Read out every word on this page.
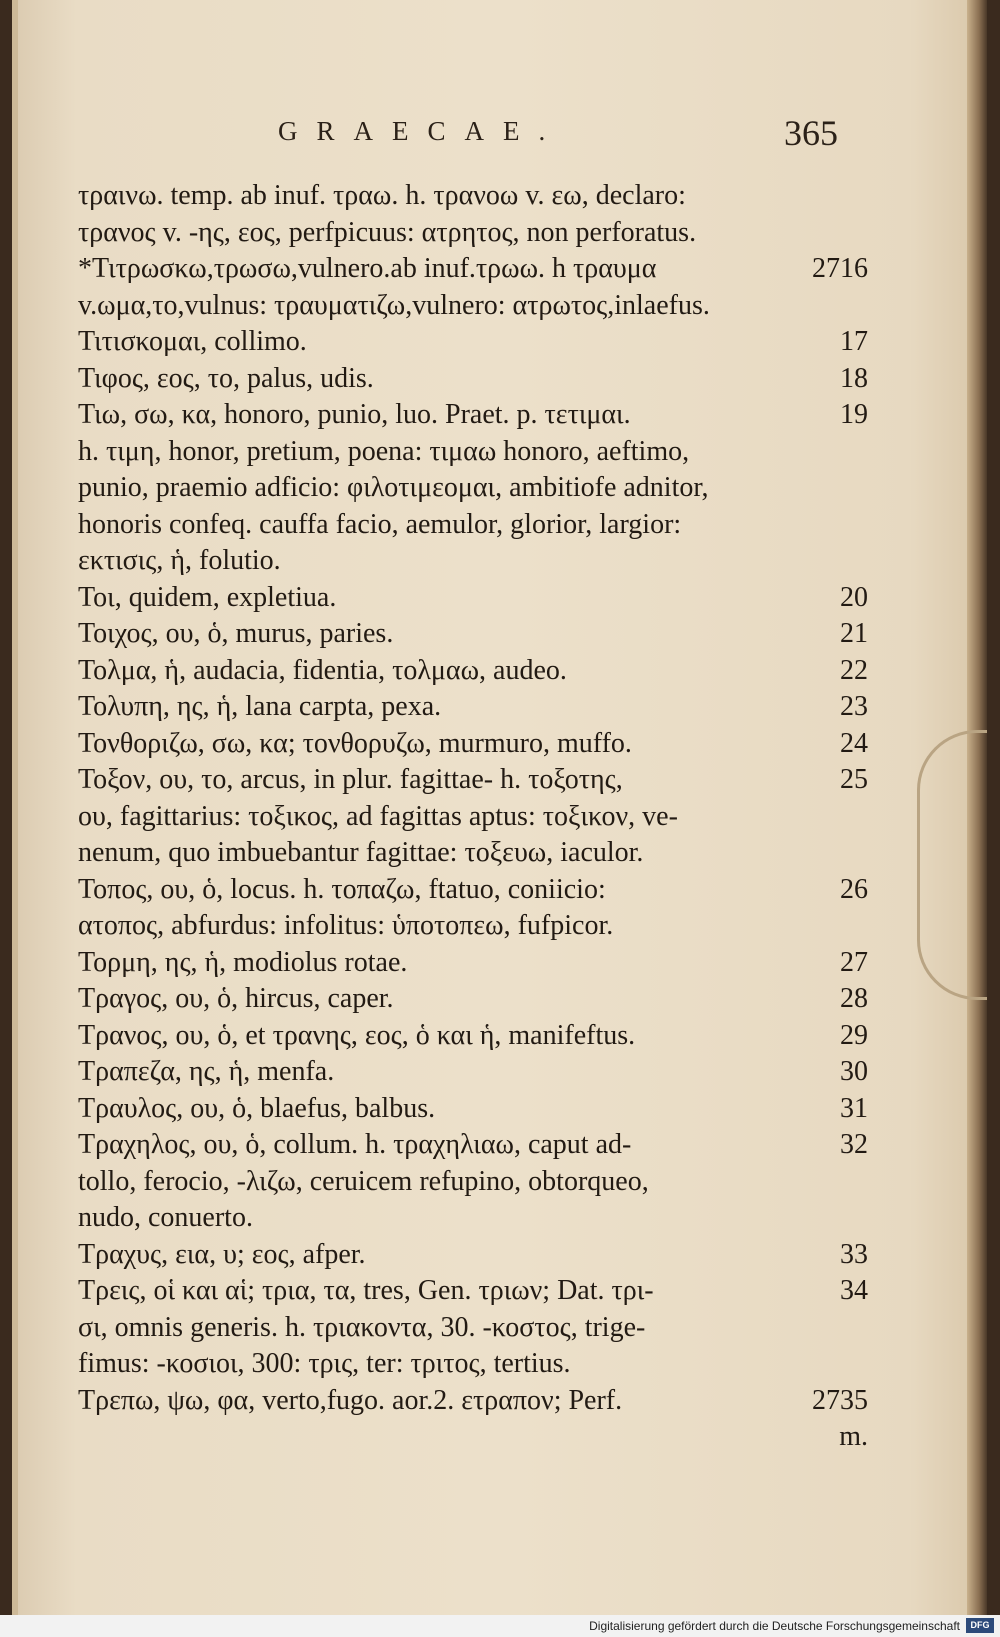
GRAECAE.	365
τραινω. temp. ab inuf. τραω. h. τρανοω v. εω, declaro:
τρανος v. -ης, εος, perfpicuus: ατρητος, non perforatus.
*Τιτρωσκω,τρωσω,vulnero.ab inuf.τρωω. h τραυμα	2716
v.ωμα,το,vulnus: τραυματιζω,vulnero: ατρωτος,inlaefus.
Τιτισκομαι, collimo.	17
Τιφος, εος, το, palus, udis.	18
Τιω, σω, κα, honoro, punio, luo. Praet. p. τετιμαι.	19
h. τιμη, honor, pretium, poena: τιμαω honoro, aeftimo,
punio, praemio adficio: φιλοτιμεομαι, ambitiofe adnitor,
honoris confeq. cauffa facio, aemulor, glorior, largior:
εκτισις, ἡ, folutio.
Τοι, quidem, expletiua.	20
Τοιχος, ου, ὁ, murus, paries.	21
Τολμα, ἡ, audacia, fidentia, τολμαω, audeo.	22
Τολυπη, ης, ἡ, lana carpta, pexa.	23
Τονθοριζω, σω, κα; τονθορυζω, murmuro, muffo.	24
Τοξον, ου, το, arcus, in plur. fagittae- h. τοξοτης,	25
ου, fagittarius: τοξικος, ad fagittas aptus: τοξικον, ve-
nenum, quo imbuebantur fagittae: τοξευω, iaculor.
Τοπος, ου, ὁ, locus. h. τοπαζω, ftatuo, coniicio:	26
ατοπος, abfurdus: infolitus: ὑποτοπεω, fufpicor.
Τορμη, ης, ἡ, modiolus rotae.	27
Τραγος, ου, ὁ, hircus, caper.	28
Τρανος, ου, ὁ, et τρανης, εος, ὁ και ἡ, manifeftus.	29
Τραπεζα, ης, ἡ, menfa.	30
Τραυλος, ου, ὁ, blaefus, balbus.	31
Τραχηλος, ου, ὁ, collum. h. τραχηλιαω, caput ad-	32
tollo, ferocio, -λιζω, ceruicem refupino, obtorqueo,
nudo, conuerto.
Τραχυς, εια, υ; εος, afper.	33
Τρεις, οἱ και αἱ; τρια, τα, tres, Gen. τριων; Dat. τρι-	34
σι, omnis generis. h. τριακοντα, 30. -κοστος, trige-
fimus: -κοσιοι, 300: τρις, ter: τριτος, tertius.
Τρεπω, ψω, φα, verto,fugo. aor.2. ετραπον; Perf.	2735
m.
Digitalisierung gefördert durch die Deutsche Forschungsgemeinschaft	DFG
